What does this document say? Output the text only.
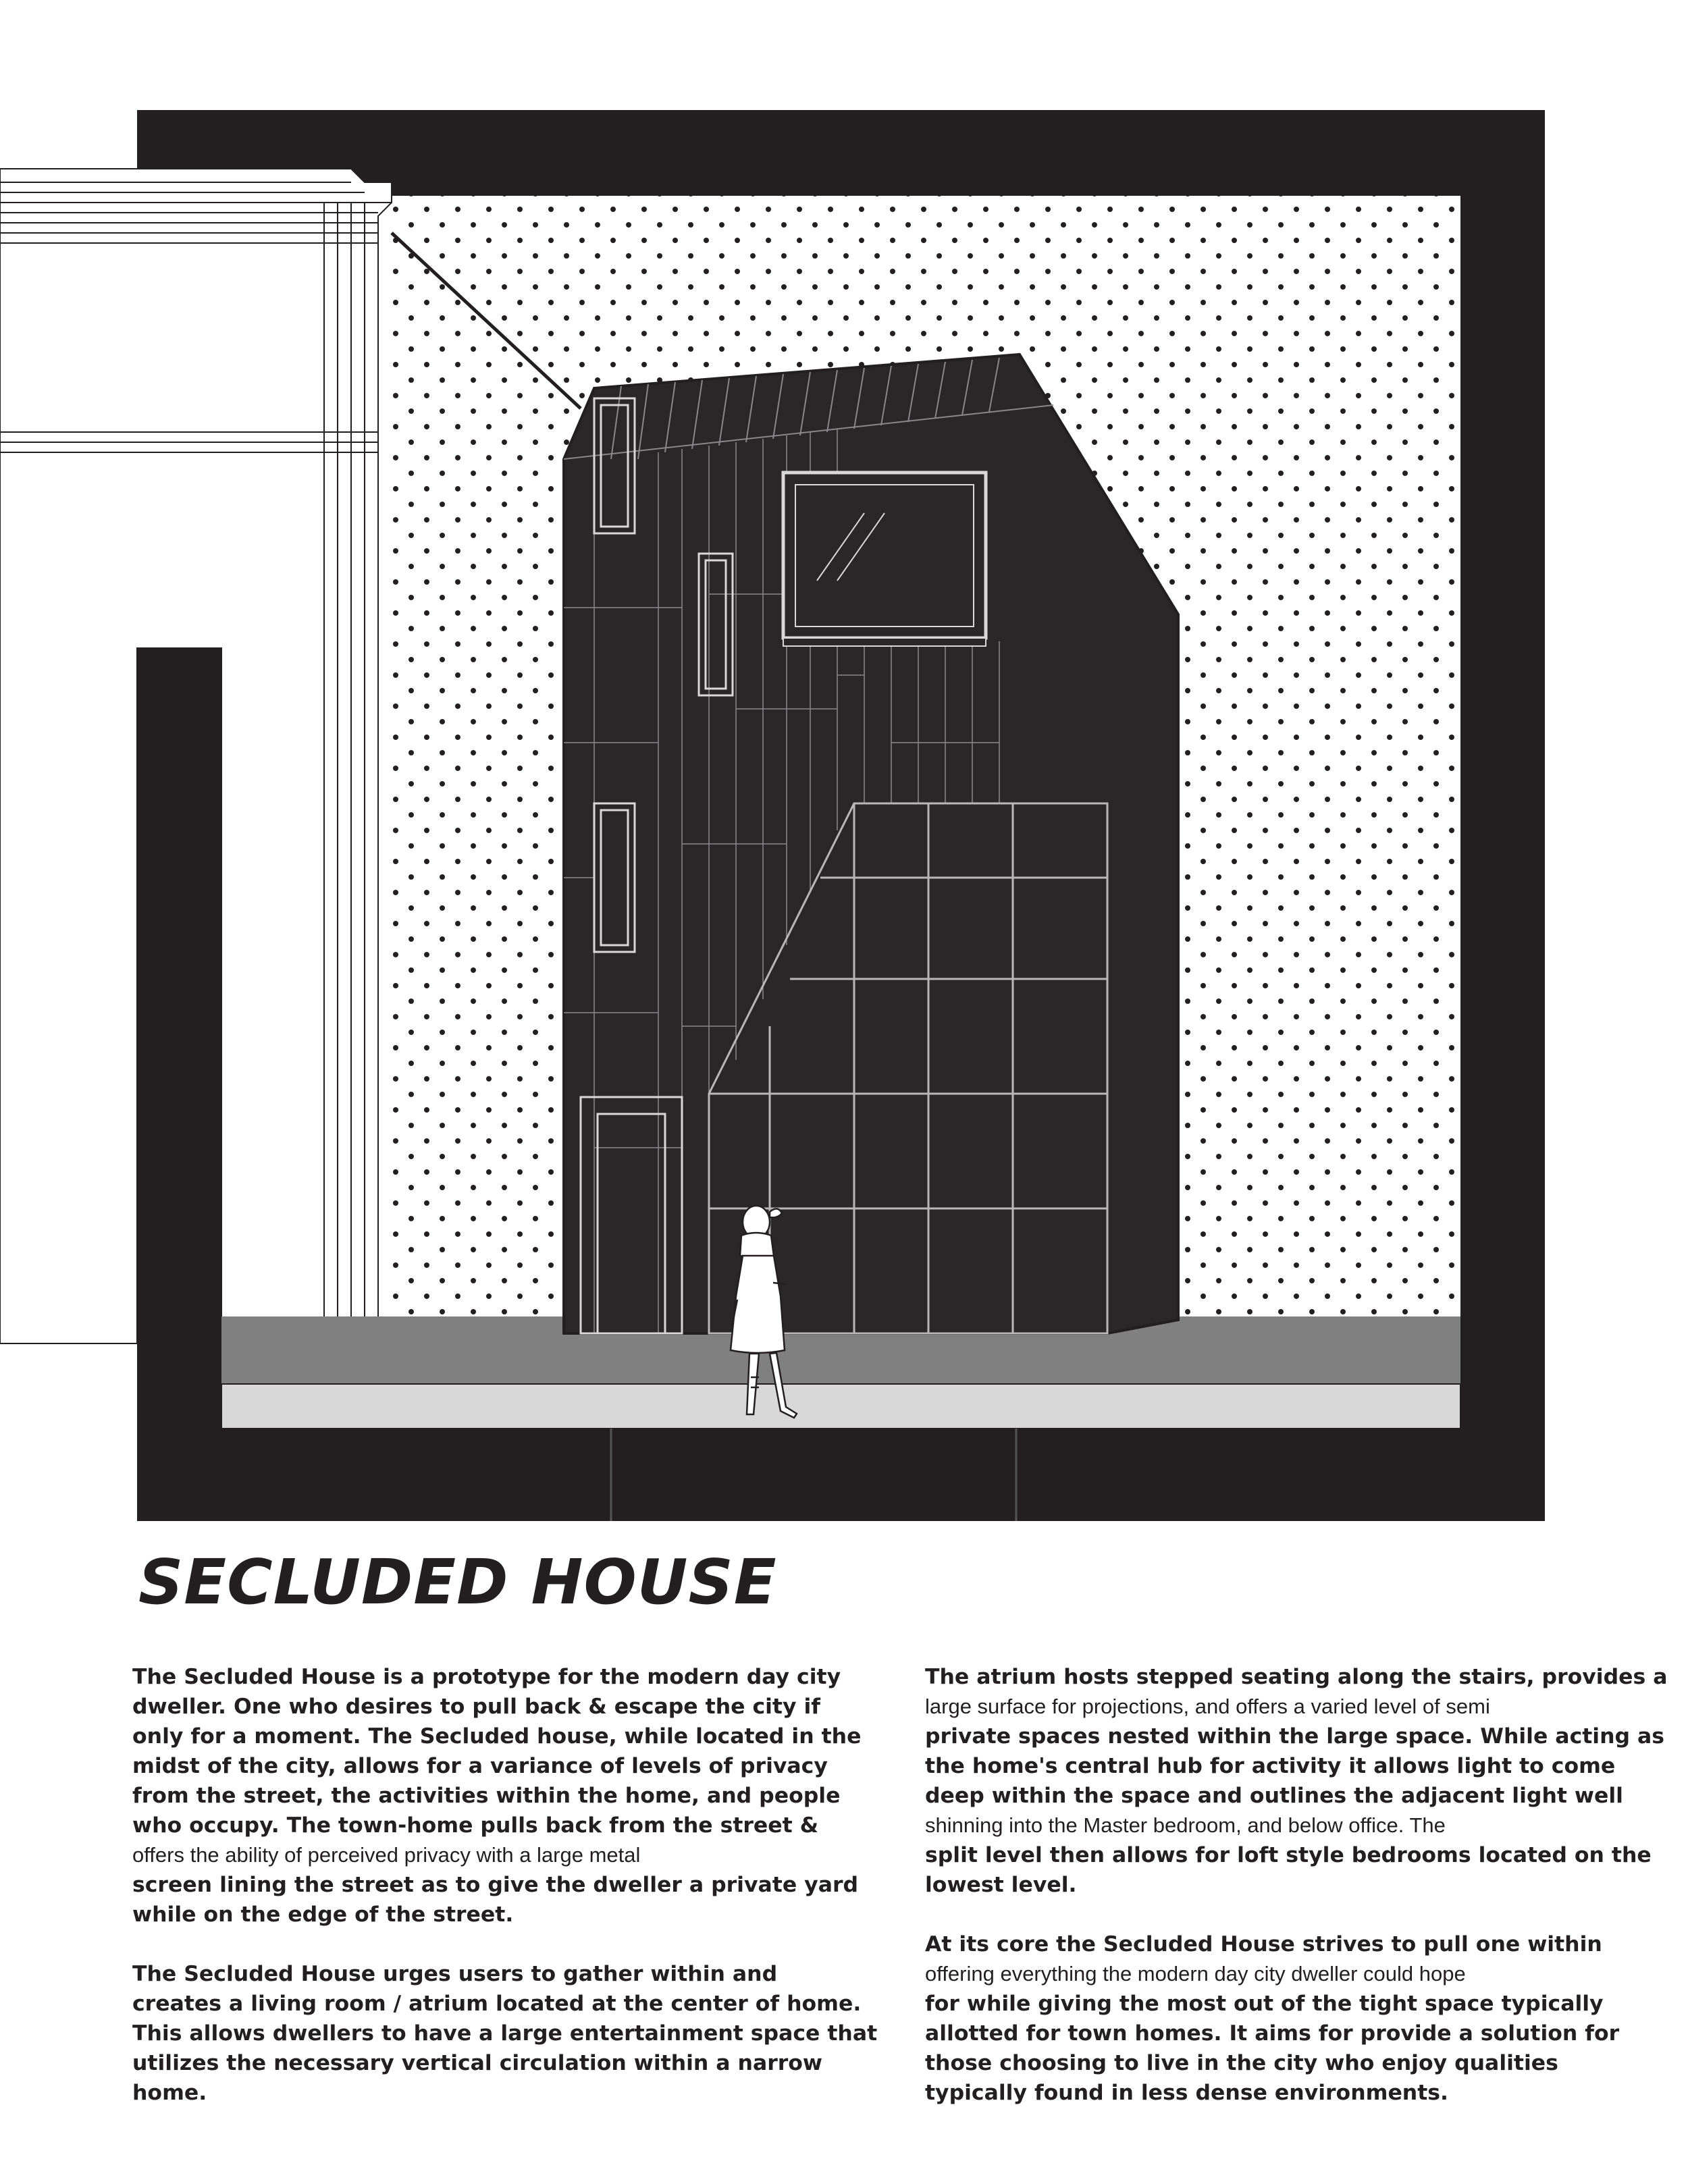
SECLUDED HOUSE

The Secluded House is a prototype for the modern day city
dweller. One who desires to pull back & escape the city if
only for a moment. The Secluded house, while located in the
midst of the city, allows for a variance of levels of privacy
from the street, the activities within the home, and people
who occupy. The town-home pulls back from the street &
offers the ability of perceived privacy with a large metal
screen lining the street as to give the dweller a private yard
while on the edge of the street.

The Secluded House urges users to gather within and
creates a living room / atrium located at the center of home.
This allows dwellers to have a large entertainment space that
utilizes the necessary vertical circulation within a narrow
home.

The atrium hosts stepped seating along the stairs, provides a
large surface for projections, and offers a varied level of semi
private spaces nested within the large space. While acting as
the home's central hub for activity it allows light to come
deep within the space and outlines the adjacent light well
shinning into the Master bedroom, and below office. The
split level then allows for loft style bedrooms located on the
lowest level.

At its core the Secluded House strives to pull one within
offering everything the modern day city dweller could hope
for while giving the most out of the tight space typically
allotted for town homes. It aims for provide a solution for
those choosing to live in the city who enjoy qualities
typically found in less dense environments.
